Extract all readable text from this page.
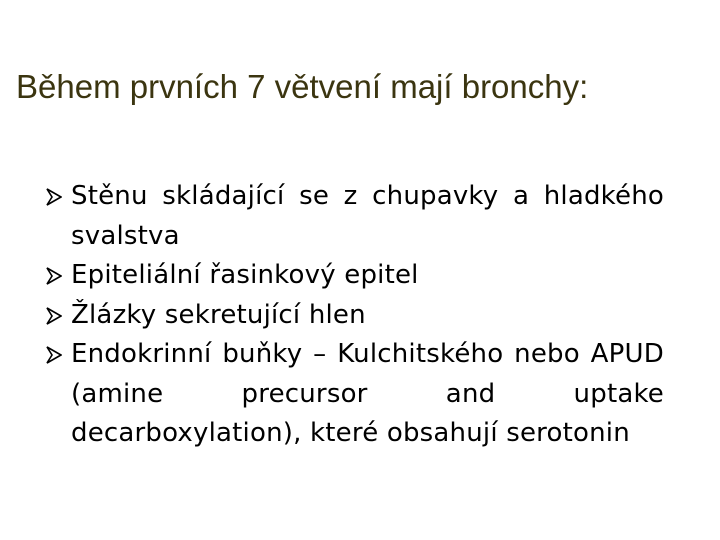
Během prvních 7 větvení mají bronchy:
Stěnu skládající se z chupavky a hladkého svalstva
Epiteliální řasinkový epitel
Žlázky sekretující hlen
Endokrinní buňky – Kulchitského nebo APUD (amine precursor and uptake decarboxylation), které obsahují serotonin
